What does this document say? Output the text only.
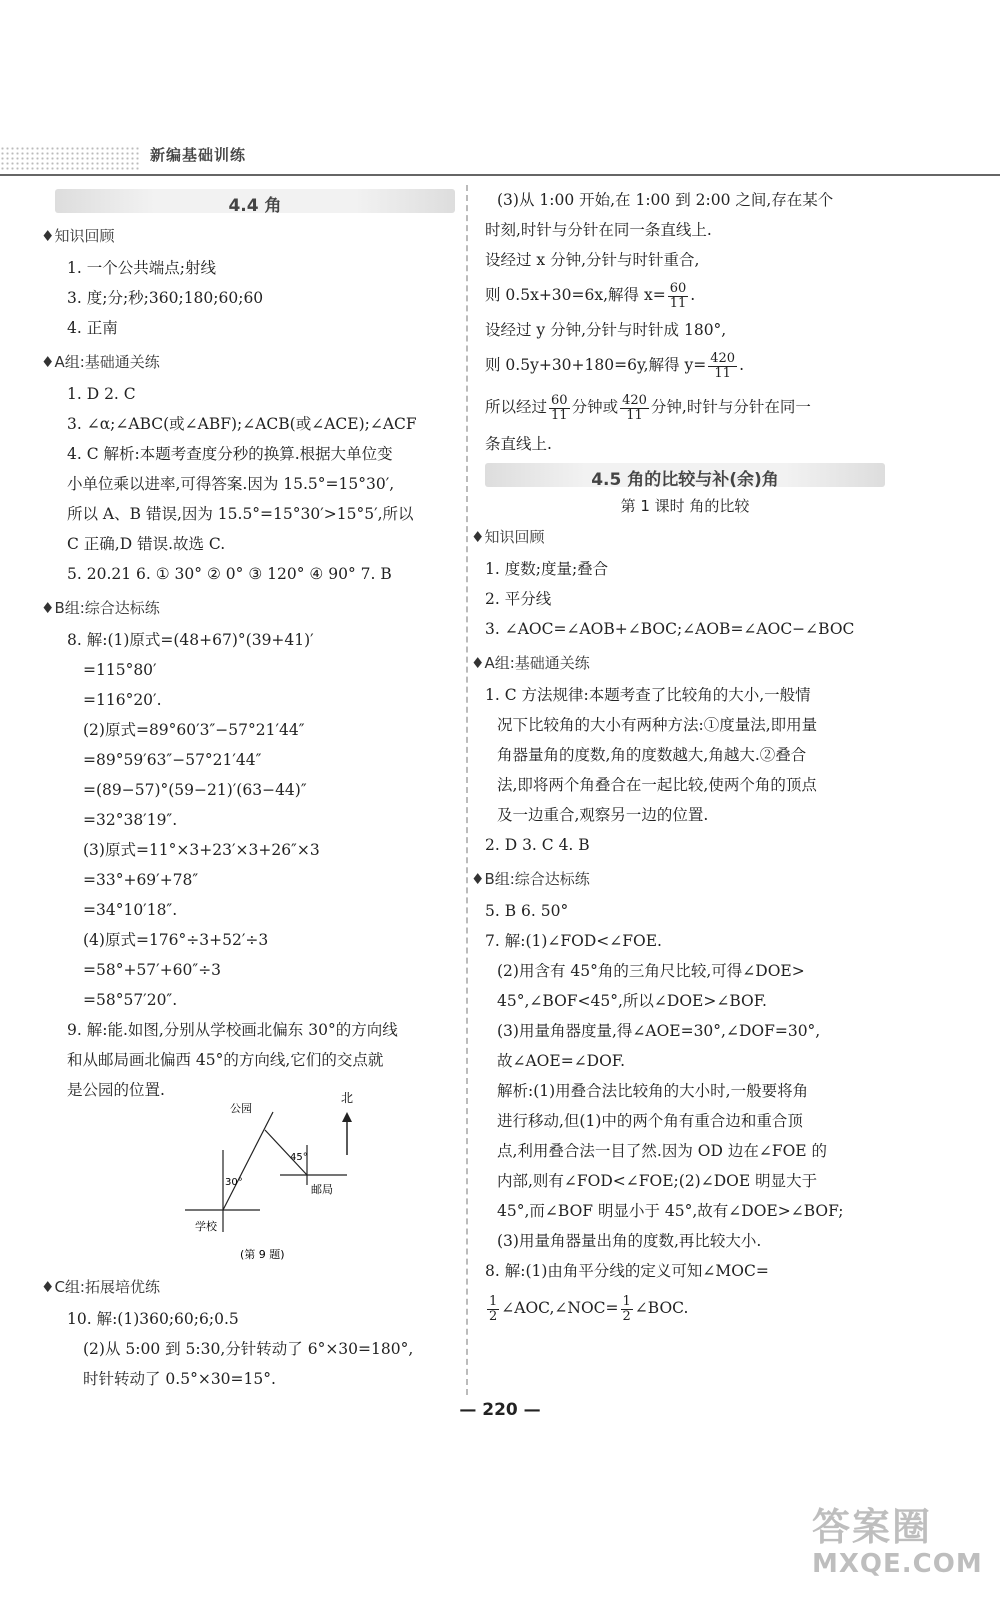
新编基础训练
4.4 角
♦知识回顾
1. 一个公共端点;射线
3. 度;分;秒;360;180;60;60
4. 正南
♦A组:基础通关练
1. D 2. C
3. ∠α;∠ABC(或∠ABF);∠ACB(或∠ACE);∠ACF
4. C 解析:本题考查度分秒的换算.根据大单位变
小单位乘以进率,可得答案.因为 15.5°=15°30′,
所以 A、B 错误,因为 15.5°=15°30′>15°5′,所以
C 正确,D 错误.故选 C.
5. 20.21 6. ① 30° ② 0° ③ 120° ④ 90° 7. B
♦B组:综合达标练
8. 解:(1)原式=(48+67)°(39+41)′
=115°80′
=116°20′.
(2)原式=89°60′3″−57°21′44″
=89°59′63″−57°21′44″
=(89−57)°(59−21)′(63−44)″
=32°38′19″.
(3)原式=11°×3+23′×3+26″×3
=33°+69′+78″
=34°10′18″.
(4)原式=176°÷3+52′÷3
=58°+57′+60″÷3
=58°57′20″.
9. 解:能.如图,分别从学校画北偏东 30°的方向线
和从邮局画北偏西 45°的方向线,它们的交点就
是公园的位置.	北
公园
学校
邮局
30°
45°
(第 9 题)
♦C组:拓展培优练
10. 解:(1)360;60;6;0.5
(2)从 5:00 到 5:30,分针转动了 6°×30=180°,
时针转动了 0.5°×30=15°.
(3)从 1:00 开始,在 1:00 到 2:00 之间,存在某个
时刻,时针与分针在同一条直线上.
设经过 x 分钟,分针与时针重合,
则 0.5x+30=6x,解得 $x= \frac{60}{11}$ .
设经过 y 分钟,分针与时针成 180°,
则 0.5y+30+180=6y,解得 $y= \frac{420}{11}$ .
所以经过 $\frac{60}{11}$ 分钟或 $\frac{420}{11}$ 分钟,时针与分针在同一
条直线上.
4.5 角的比较与补(余)角
第 1 课时 角的比较
♦知识回顾
1. 度数;度量;叠合
2. 平分线
3. ∠AOC=∠AOB+∠BOC;∠AOB=∠AOC−∠BOC
♦A组:基础通关练
1. C 方法规律:本题考查了比较角的大小,一般情
况下比较角的大小有两种方法:①度量法,即用量
角器量角的度数,角的度数越大,角越大.②叠合
法,即将两个角叠合在一起比较,使两个角的顶点
及一边重合,观察另一边的位置.
2. D 3. C 4. B
♦B组:综合达标练
5. B 6. 50°
7. 解:(1)∠FOD<∠FOE.
(2)用含有 45°角的三角尺比较,可得∠DOE>
45°,∠BOF<45°,所以∠DOE>∠BOF.
(3)用量角器度量,得∠AOE=30°,∠DOF=30°,
故∠AOE=∠DOF.
解析:(1)用叠合法比较角的大小时,一般要将角
进行移动,但(1)中的两个角有重合边和重合顶
点,利用叠合法一目了然.因为 OD 边在∠FOE 的
内部,则有∠FOD<∠FOE;(2)∠DOE 明显大于
45°,而∠BOF 明显小于 45°,故有∠DOE>∠BOF;
(3)用量角器量出角的度数,再比较大小.
8. 解:(1)由角平分线的定义可知∠MOC=
$\frac{1}{2}$ ∠AOC,∠NOC= $\frac{1}{2}$ ∠BOC.
— 220 —
答案圈
MXQE.COM
